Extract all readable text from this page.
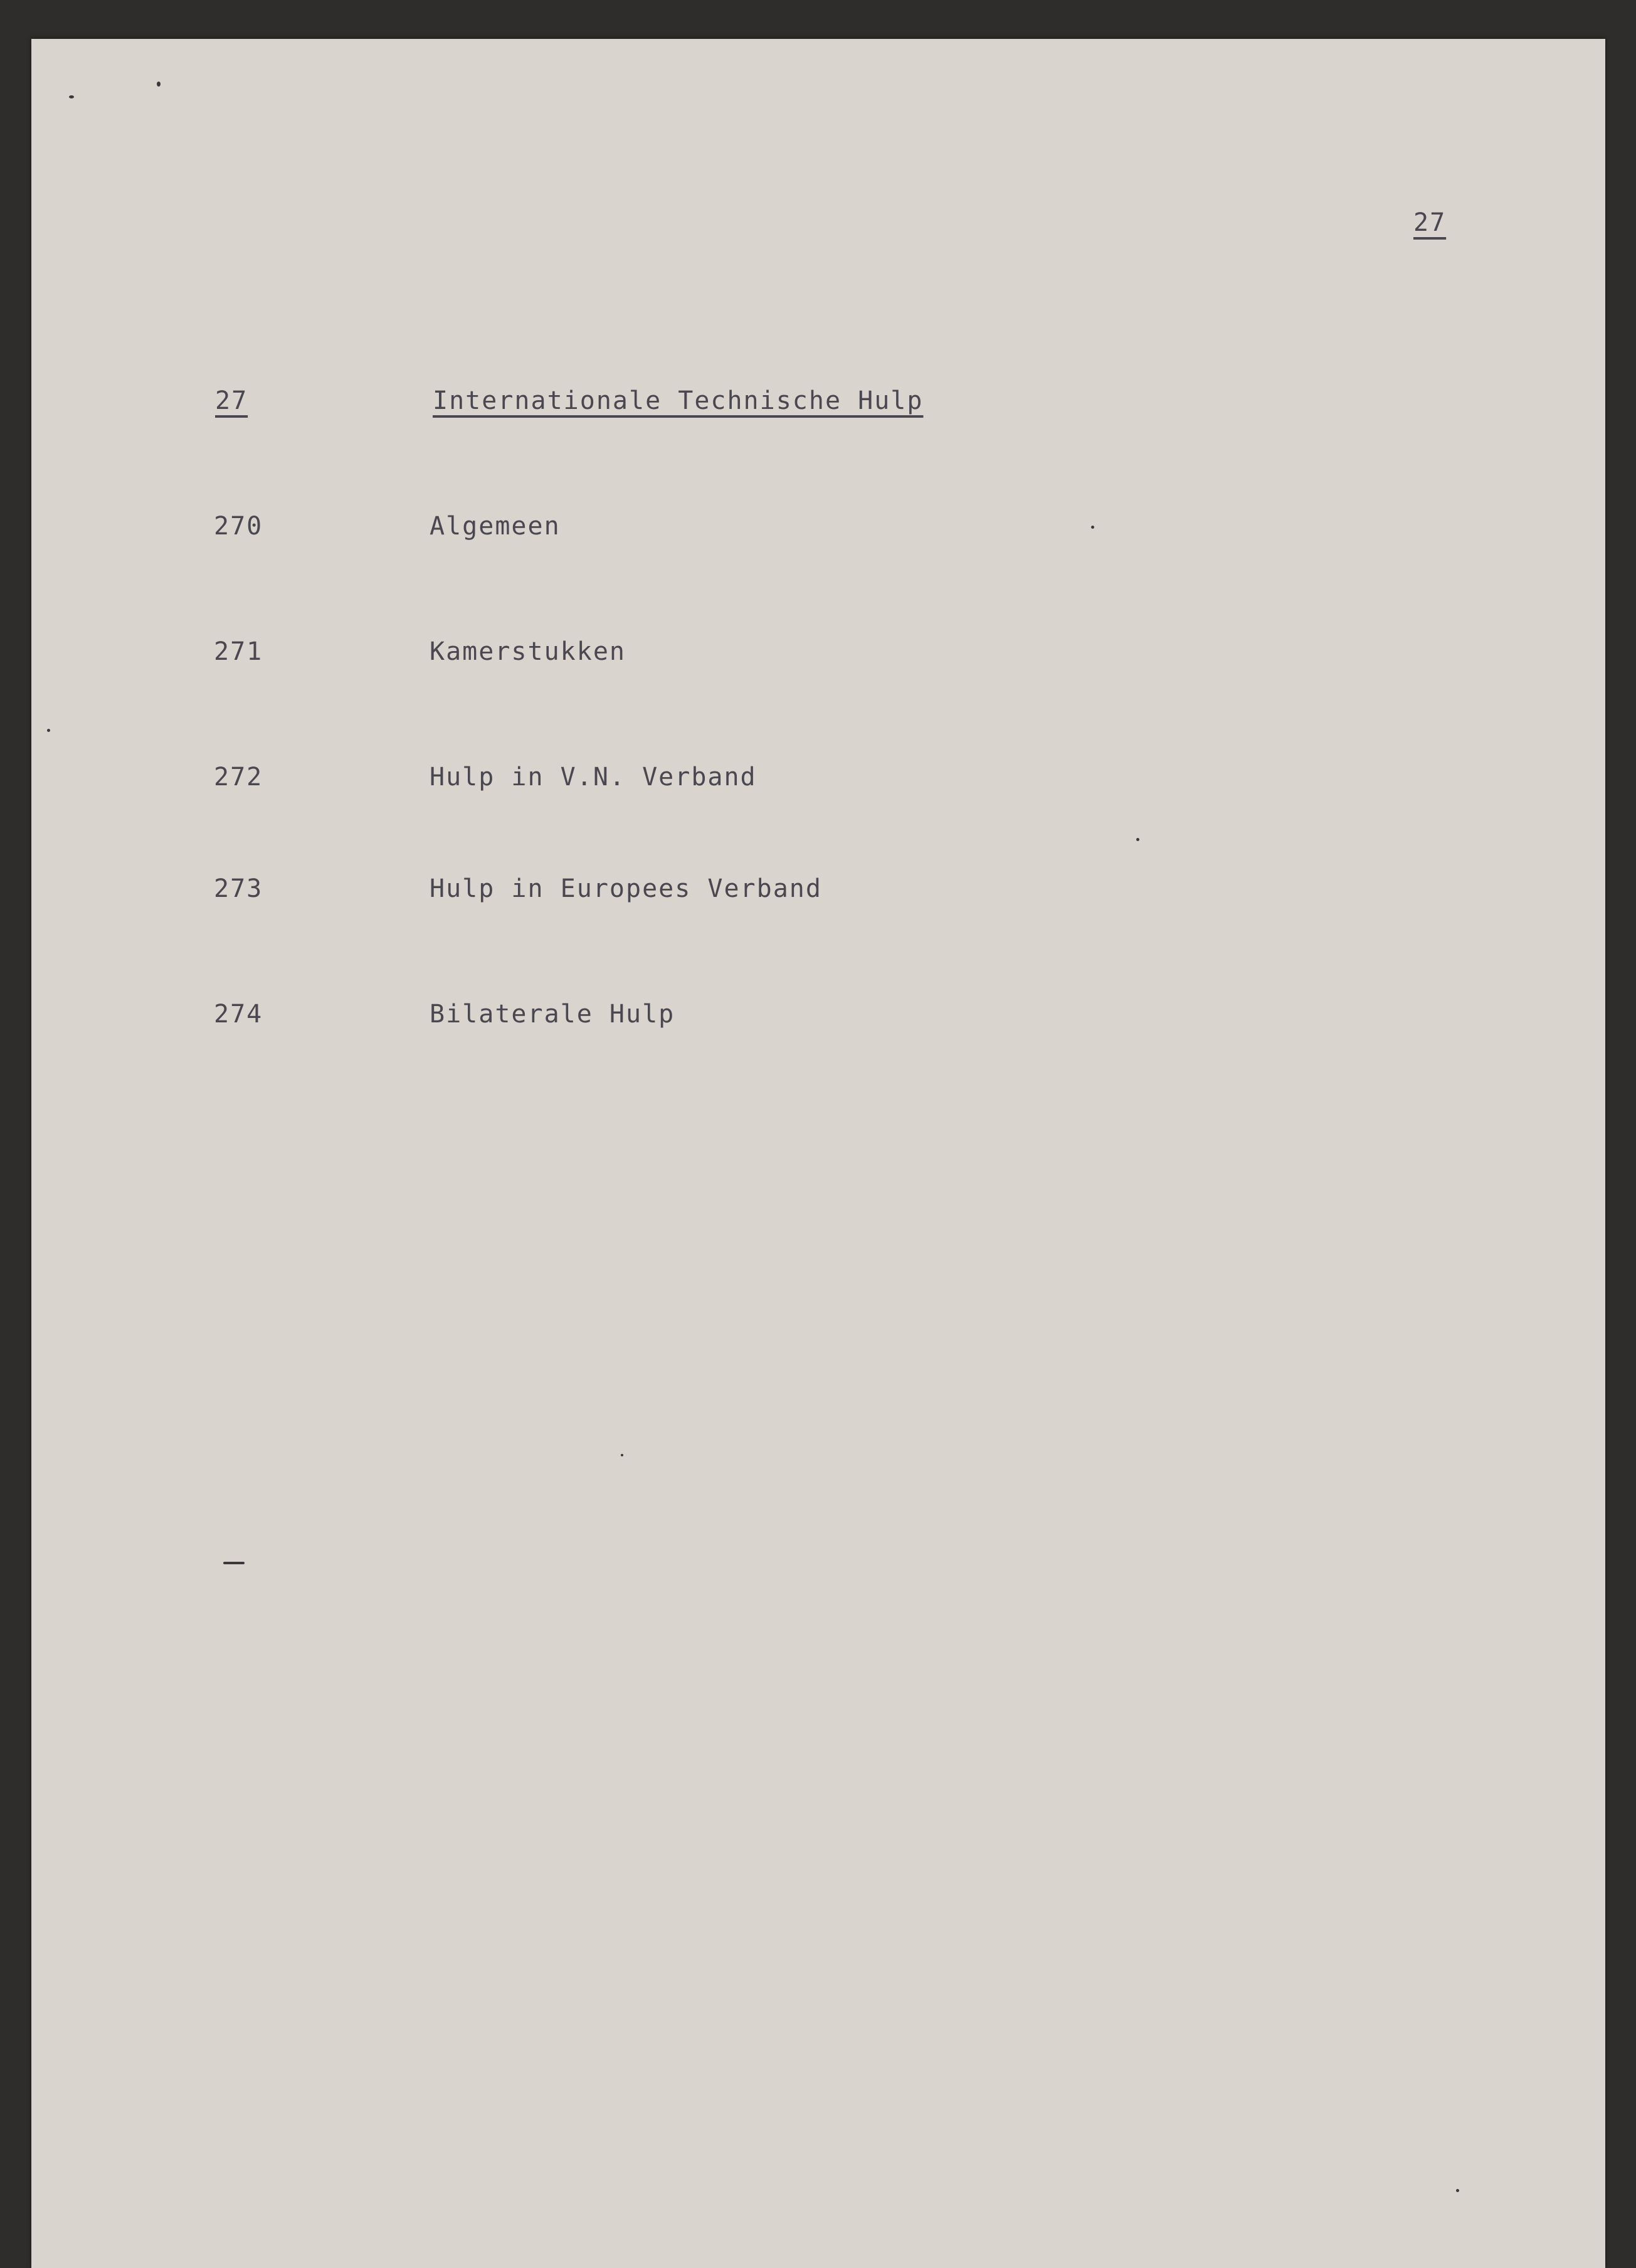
27
27	Internationale Technische Hulp
270	Algemeen
271	Kamerstukken
272	Hulp in V.N. Verband
273	Hulp in Europees Verband
274	Bilaterale Hulp
